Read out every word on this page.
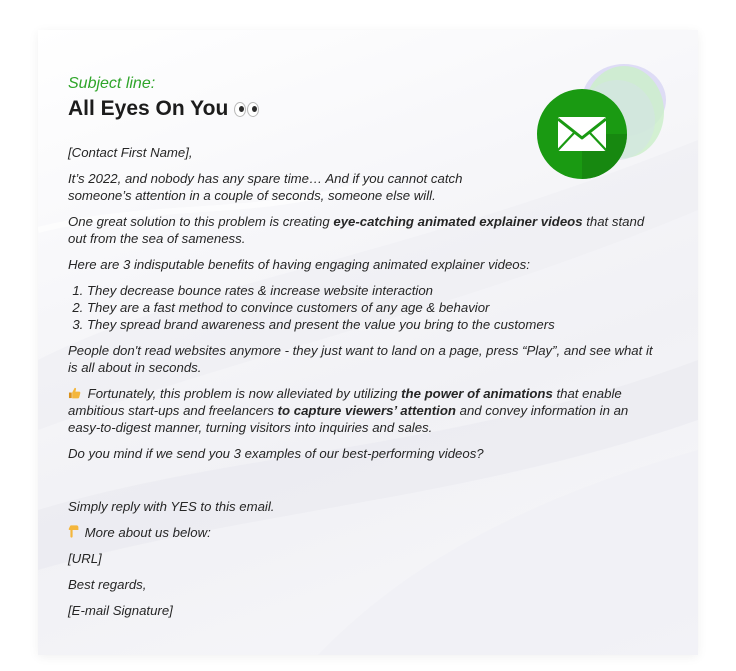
Subject line:

All Eyes On You

[Contact First Name],

It’s 2022, and nobody has any spare time… And if you cannot catch someone’s attention in a couple of seconds, someone else will.

One great solution to this problem is creating eye-catching animated explainer videos that stand out from the sea of sameness.

Here are 3 indisputable benefits of having engaging animated explainer videos:

1. They decrease bounce rates & increase website interaction
2. They are a fast method to convince customers of any age & behavior
3. They spread brand awareness and present the value you bring to the customers

People don't read websites anymore - they just want to land on a page, press “Play”, and see what it is all about in seconds.

Fortunately, this problem is now alleviated by utilizing the power of animations that enable ambitious start-ups and freelancers to capture viewers’ attention and convey information in an easy-to-digest manner, turning visitors into inquiries and sales.

Do you mind if we send you 3 examples of our best-performing videos?

Simply reply with YES to this email.

More about us below:

[URL]

Best regards,

[E-mail Signature]
